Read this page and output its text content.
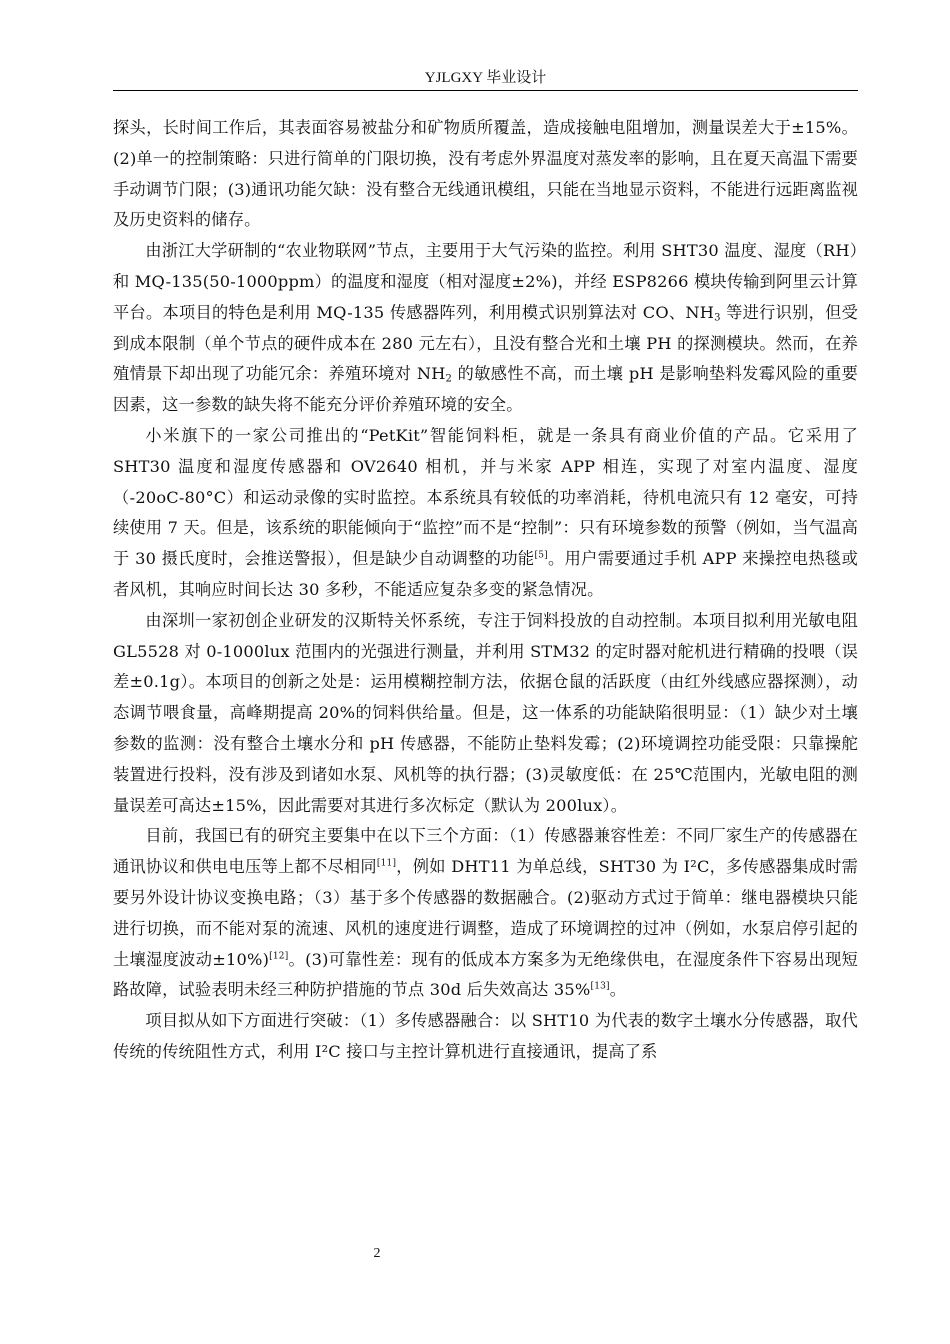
YJLGXY 毕业设计

探头，长时间工作后，其表面容易被盐分和矿物质所覆盖，造成接触电阻增加，测量误差大于±15%。(2)单一的控制策略：只进行简单的门限切换，没有考虑外界温度对蒸发率的影响，且在夏天高温下需要手动调节门限；(3)通讯功能欠缺：没有整合无线通讯模组，只能在当地显示资料，不能进行远距离监视及历史资料的储存。

由浙江大学研制的“农业物联网”节点，主要用于大气污染的监控。利用 SHT30 温度、湿度（RH）和 MQ-135(50-1000ppm）的温度和湿度（相对湿度±2%)，并经 ESP8266 模块传输到阿里云计算平台。本项目的特色是利用 MQ-135 传感器阵列，利用模式识别算法对 CO、$NH_3$ 等进行识别，但受到成本限制（单个节点的硬件成本在 280 元左右），且没有整合光和土壤 PH 的探测模块。然而，在养殖情景下却出现了功能冗余：养殖环境对 $NH_2$ 的敏感性不高，而土壤 pH 是影响垫料发霉风险的重要因素，这一参数的缺失将不能充分评价养殖环境的安全。

小米旗下的一家公司推出的“PetKit”智能饲料柜，就是一条具有商业价值的产品。它采用了 SHT30 温度和湿度传感器和 OV2640 相机，并与米家 APP 相连，实现了对室内温度、湿度（-20oC-80°C）和运动录像的实时监控。本系统具有较低的功率消耗，待机电流只有 12 毫安，可持续使用 7 天。但是，该系统的职能倾向于“监控”而不是“控制”：只有环境参数的预警（例如，当气温高于 30 摄氏度时，会推送警报），但是缺少自动调整的功能[5]。用户需要通过手机 APP 来操控电热毯或者风机，其响应时间长达 30 多秒，不能适应复杂多变的紧急情况。

由深圳一家初创企业研发的汉斯特关怀系统，专注于饲料投放的自动控制。本项目拟利用光敏电阻 GL5528 对 0-1000lux 范围内的光强进行测量，并利用 STM32 的定时器对舵机进行精确的投喂（误差±0.1g）。本项目的创新之处是：运用模糊控制方法，依据仓鼠的活跃度（由红外线感应器探测），动态调节喂食量，高峰期提高 20%的饲料供给量。但是，这一体系的功能缺陷很明显：（1）缺少对土壤参数的监测：没有整合土壤水分和 pH 传感器，不能防止垫料发霉；(2)环境调控功能受限：只靠操舵装置进行投料，没有涉及到诸如水泵、风机等的执行器；(3)灵敏度低：在 25℃范围内，光敏电阻的测量误差可高达±15%，因此需要对其进行多次标定（默认为 200lux）。

目前，我国已有的研究主要集中在以下三个方面：（1）传感器兼容性差：不同厂家生产的传感器在通讯协议和供电电压等上都不尽相同[11]，例如 DHT11 为单总线，SHT30 为 I²C，多传感器集成时需要另外设计协议变换电路；（3）基于多个传感器的数据融合。(2)驱动方式过于简单：继电器模块只能进行切换，而不能对泵的流速、风机的速度进行调整，造成了环境调控的过冲（例如，水泵启停引起的土壤湿度波动±10%)[12]。(3)可靠性差：现有的低成本方案多为无绝缘供电，在湿度条件下容易出现短路故障，试验表明未经三种防护措施的节点 30d 后失效高达 35%[13]。

项目拟从如下方面进行突破：（1）多传感器融合：以 SHT10 为代表的数字土壤水分传感器，取代传统的传统阻性方式，利用 I²C 接口与主控计算机进行直接通讯，提高了系

2
